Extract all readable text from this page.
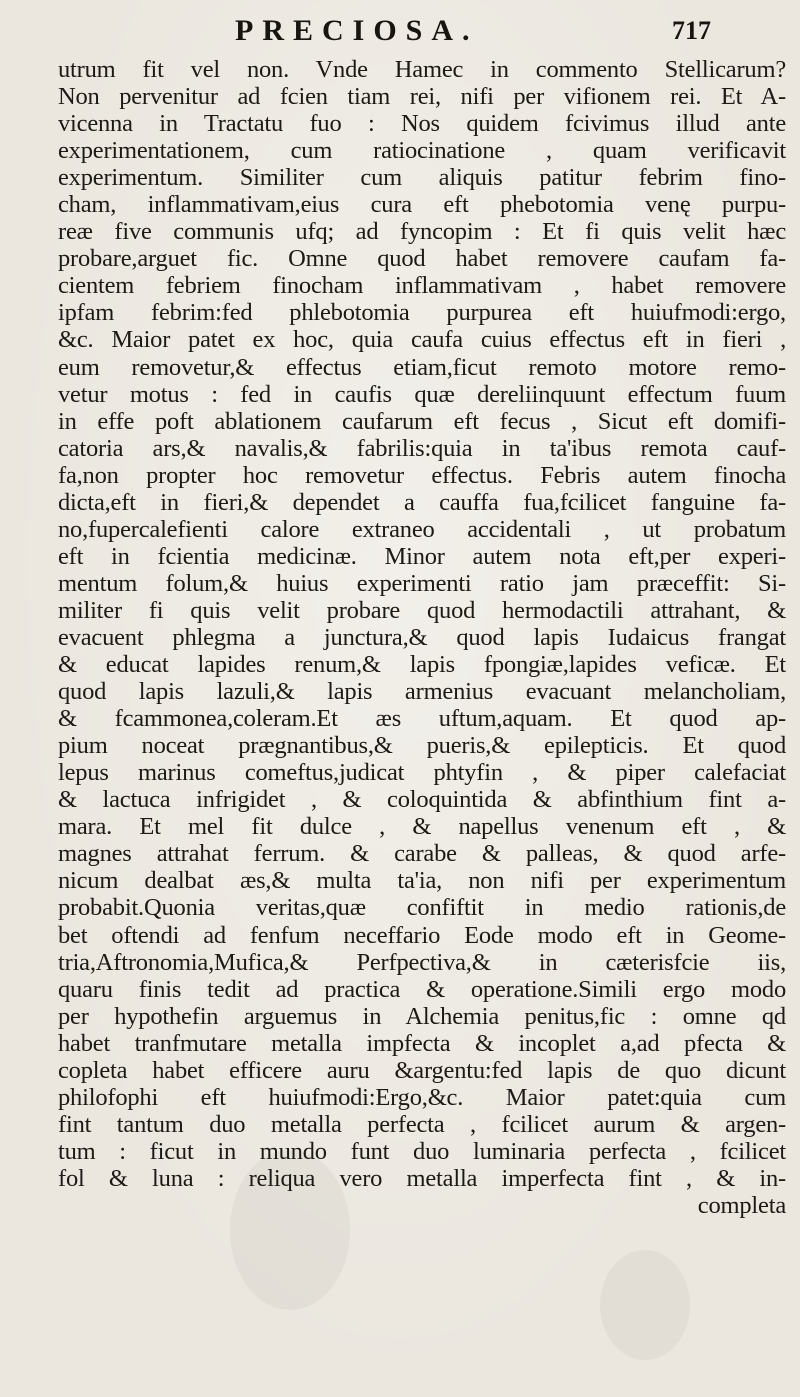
PRECIOSA.	717
utrum fit vel non. Vnde Hamec in commento Stellicarum?
Non pervenitur ad fcien tiam rei, nifi per vifionem rei. Et A-
vicenna in Tractatu fuo : Nos quidem fcivimus illud ante
experimentationem, cum ratiocinatione , quam verificavit
experimentum. Similiter cum aliquis patitur febrim fino-
cham, inflammativam,eius cura eft phebotomia venę purpu-
reæ five communis ufq; ad fyncopim : Et fi quis velit hæc
probare,arguet fic. Omne quod habet removere caufam fa-
cientem febriem finocham inflammativam , habet removere
ipfam febrim:fed phlebotomia purpurea eft huiufmodi:ergo,
&c. Maior patet ex hoc, quia caufa cuius effectus eft in fieri ,
eum removetur,& effectus etiam,ficut remoto motore remo-
vetur motus : fed in caufis quæ dereliinquunt effectum fuum
in effe poft ablationem caufarum eft fecus , Sicut eft domifi-
catoria ars,& navalis,& fabrilis:quia in ta'ibus remota cauf-
fa,non propter hoc removetur effectus. Febris autem finocha
dicta,eft in fieri,& dependet a cauffa fua,fcilicet fanguine fa-
no,fupercalefienti calore extraneo accidentali , ut probatum
eft in fcientia medicinæ. Minor autem nota eft,per experi-
mentum folum,& huius experimenti ratio jam præceffit: Si-
militer fi quis velit probare quod hermodactili attrahant, &
evacuent phlegma a junctura,& quod lapis Iudaicus frangat
& educat lapides renum,& lapis fpongiæ,lapides veficæ. Et
quod lapis lazuli,& lapis armenius evacuant melancholiam,
& fcammonea,coleram.Et æs uftum,aquam. Et quod ap-
pium noceat prægnantibus,& pueris,& epilepticis. Et quod
lepus marinus comeftus,judicat phtyfin , & piper calefaciat
& lactuca infrigidet , & coloquintida & abfinthium fint a-
mara. Et mel fit dulce , & napellus venenum eft , &
magnes attrahat ferrum. & carabe & palleas, & quod arfe-
nicum dealbat æs,& multa ta'ia, non nifi per experimentum
probabit.Quonia veritas,quæ confiftit in medio rationis,de
bet oftendi ad fenfum neceffario Eode modo eft in Geome-
tria,Aftronomia,Mufica,& Perfpectiva,& in cæterisfcie iis,
quaru finis tedit ad practica & operatione.Simili ergo modo
per hypothefin arguemus in Alchemia penitus,fic : omne qd
habet tranfmutare metalla impfecta & incoplet a,ad pfecta &
copleta habet efficere auru &argentu:fed lapis de quo dicunt
philofophi eft huiufmodi:Ergo,&c. Maior patet:quia cum
fint tantum duo metalla perfecta , fcilicet aurum & argen-
tum : ficut in mundo funt duo luminaria perfecta , fcilicet
fol & luna : reliqua vero metalla imperfecta fint , & in-
completa
